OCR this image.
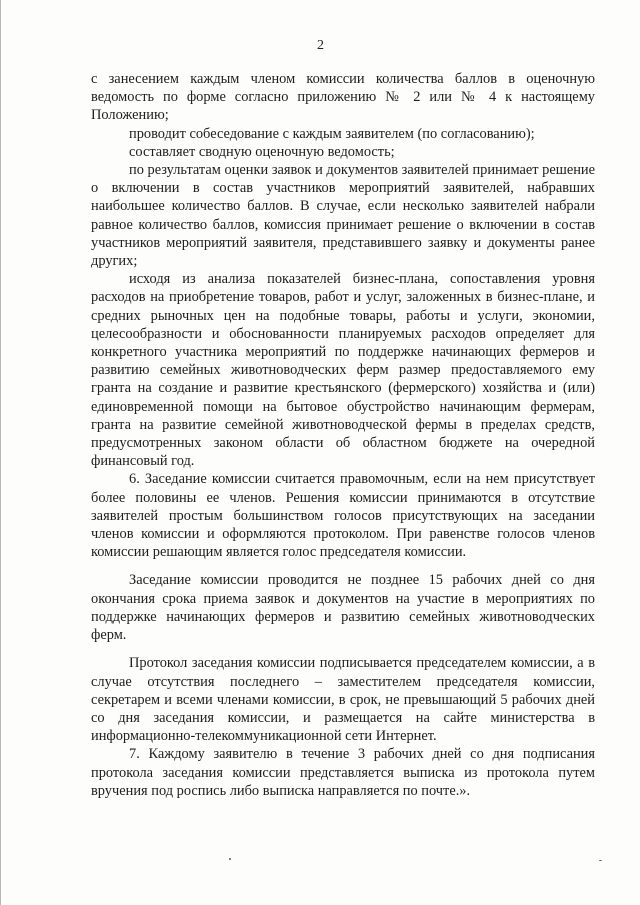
2

с занесением каждым членом комиссии количества баллов в оценочную ведомость по форме согласно приложению № 2 или № 4 к настоящему Положению;

проводит собеседование с каждым заявителем (по согласованию);

составляет сводную оценочную ведомость;

по результатам оценки заявок и документов заявителей принимает решение о включении в состав участников мероприятий заявителей, набравших наибольшее количество баллов. В случае, если несколько заявителей набрали равное количество баллов, комиссия принимает решение о включении в состав участников мероприятий заявителя, представившего заявку и документы ранее других;

исходя из анализа показателей бизнес-плана, сопоставления уровня расходов на приобретение товаров, работ и услуг, заложенных в бизнес-плане, и средних рыночных цен на подобные товары, работы и услуги, экономии, целесообразности и обоснованности планируемых расходов определяет для конкретного участника мероприятий по поддержке начинающих фермеров и развитию семейных животноводческих ферм размер предоставляемого ему гранта на создание и развитие крестьянского (фермерского) хозяйства и (или) единовременной помощи на бытовое обустройство начинающим фермерам, гранта на развитие семейной животноводческой фермы в пределах средств, предусмотренных законом области об областном бюджете на очередной финансовый год.

6. Заседание комиссии считается правомочным, если на нем присутствует более половины ее членов. Решения комиссии принимаются в отсутствие заявителей простым большинством голосов присутствующих на заседании членов комиссии и оформляются протоколом. При равенстве голосов членов комиссии решающим является голос председателя комиссии.

Заседание комиссии проводится не позднее 15 рабочих дней со дня окончания срока приема заявок и документов на участие в мероприятиях по поддержке начинающих фермеров и развитию семейных животноводческих ферм.

Протокол заседания комиссии подписывается председателем комиссии, а в случае отсутствия последнего – заместителем председателя комиссии, секретарем и всеми членами комиссии, в срок, не превышающий 5 рабочих дней со дня заседания комиссии, и размещается на сайте министерства в информационно-телекоммуникационной сети Интернет.

7. Каждому заявителю в течение 3 рабочих дней со дня подписания протокола заседания комиссии представляется выписка из протокола путем вручения под роспись либо выписка направляется по почте.».
